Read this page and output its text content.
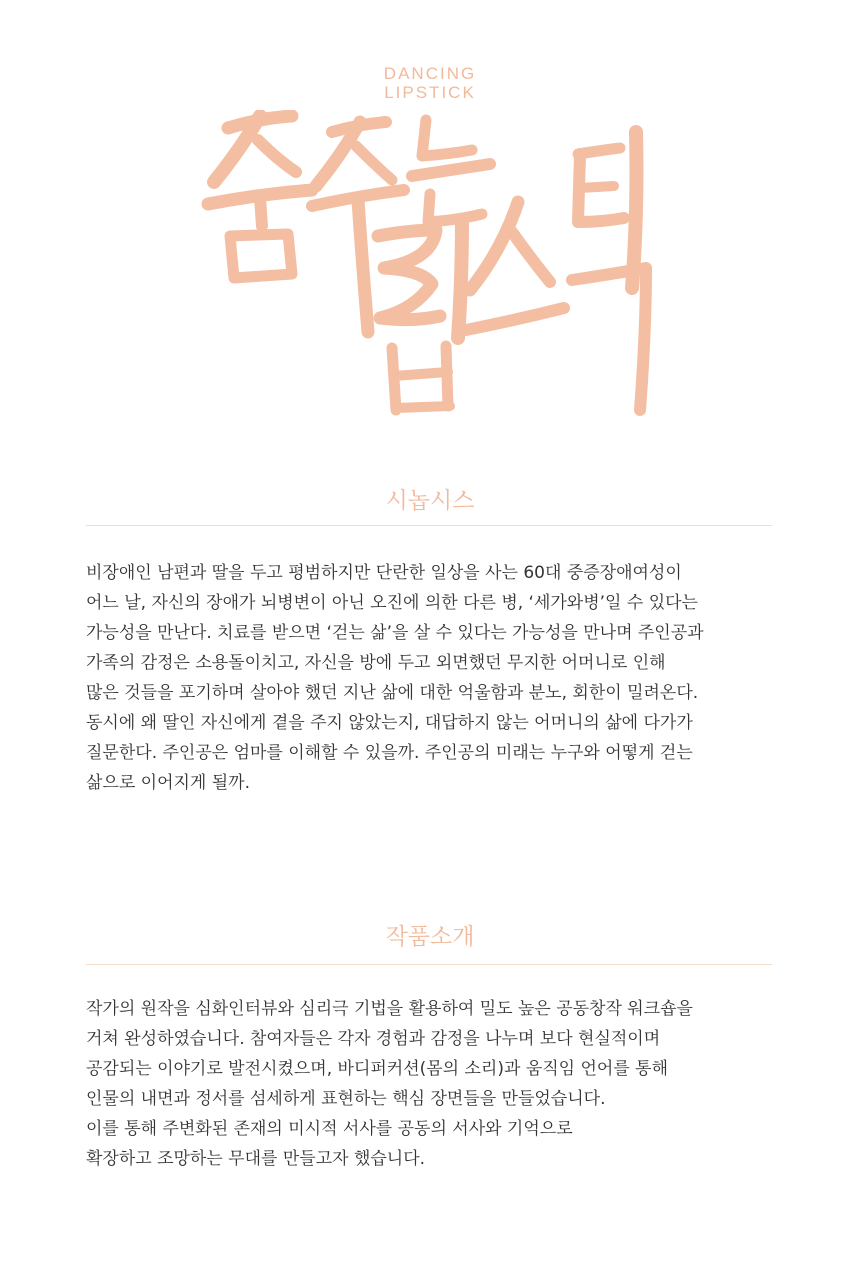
DANCING
LIPSTICK
시놉시스
비장애인 남편과 딸을 두고 평범하지만 단란한 일상을 사는 60대 중증장애여성이
어느 날, 자신의 장애가 뇌병변이 아닌 오진에 의한 다른 병, ‘세가와병’일 수 있다는
가능성을 만난다. 치료를 받으면 ‘걷는 삶’을 살 수 있다는 가능성을 만나며 주인공과
가족의 감정은 소용돌이치고, 자신을 방에 두고 외면했던 무지한 어머니로 인해
많은 것들을 포기하며 살아야 했던 지난 삶에 대한 억울함과 분노, 회한이 밀려온다.
동시에 왜 딸인 자신에게 곁을 주지 않았는지, 대답하지 않는 어머니의 삶에 다가가
질문한다. 주인공은 엄마를 이해할 수 있을까. 주인공의 미래는 누구와 어떻게 걷는
삶으로 이어지게 될까.
작품소개
작가의 원작을 심화인터뷰와 심리극 기법을 활용하여 밀도 높은 공동창작 워크숍을
거쳐 완성하였습니다. 참여자들은 각자 경험과 감정을 나누며 보다 현실적이며
공감되는 이야기로 발전시켰으며, 바디퍼커션(몸의 소리)과 움직임 언어를 통해
인물의 내면과 정서를 섬세하게 표현하는 핵심 장면들을 만들었습니다.
이를 통해 주변화된 존재의 미시적 서사를 공동의 서사와 기억으로
확장하고 조망하는 무대를 만들고자 했습니다.
